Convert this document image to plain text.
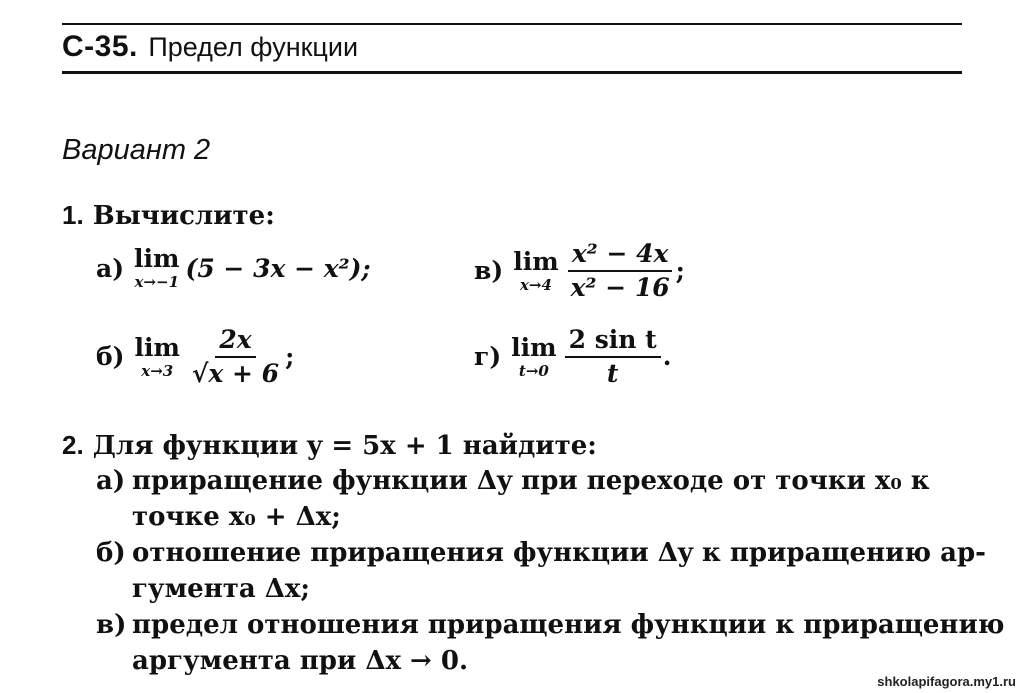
С-35. Предел функции
Вариант 2
1. Вычислите:
а) lim
x→−1 (5 − 3x − x²);	в) lim
$x\to 4 \frac{\text{x² − 4x}}{\text{x² − 16}}$ ;
б) lim
$x\to 3 \frac{2x}{√x + 6}$ ;	г) lim
$t\to 0 \frac{\text{2 sin t}}{t}$ .
2. Для функции y = 5x + 1 найдите:
а) приращение функции Δy при переходе от точки x₀ к
точке x₀ + Δx;
б) отношение приращения функции Δy к приращению ар-
гумента Δx;
в) предел отношения приращения функции к приращению
аргумента при Δx → 0.
shkolapifagora.my1.ru
